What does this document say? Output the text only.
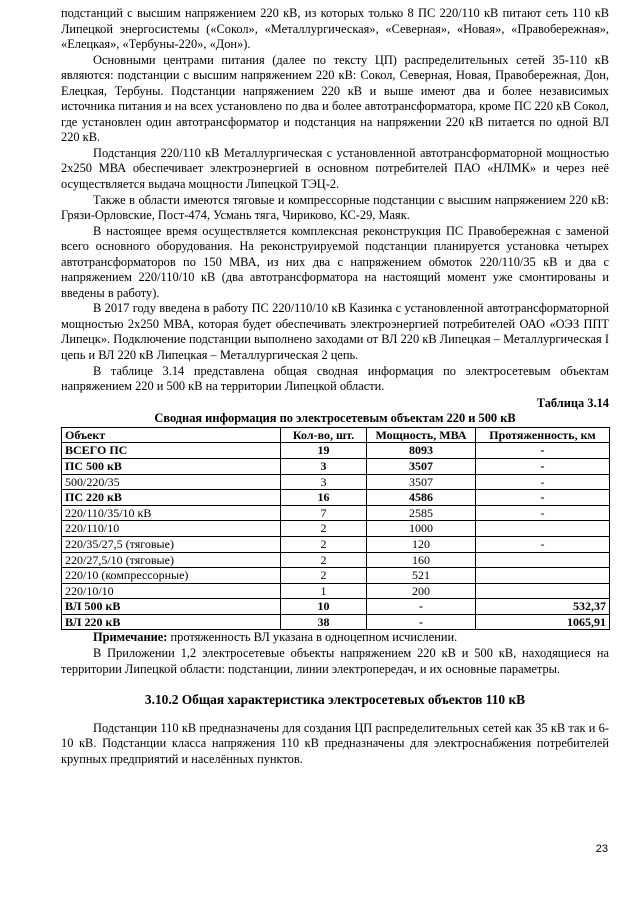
подстанций с высшим напряжением 220 кВ, из которых только 8 ПС 220/110 кВ питают сеть 110 кВ Липецкой энергосистемы («Сокол», «Металлургическая», «Северная», «Новая», «Правобережная», «Елецкая», «Тербуны-220», «Дон»).

Основными центрами питания (далее по тексту ЦП) распределительных сетей 35-110 кВ являются: подстанции с высшим напряжением 220 кВ: Сокол, Северная, Новая, Правобережная, Дон, Елецкая, Тербуны. Подстанции напряжением 220 кВ и выше имеют два и более независимых источника питания и на всех установлено по два и более автотрансформатора, кроме ПС 220 кВ Сокол, где установлен один автотрансформатор и подстанция на напряжении 220 кВ питается по одной ВЛ 220 кВ.

Подстанция 220/110 кВ Металлургическая с установленной автотрансформаторной мощностью 2х250 МВА обеспечивает электроэнергией в основном потребителей ПАО «НЛМК» и через неё осуществляется выдача мощности Липецкой ТЭЦ-2.

Также в области имеются тяговые и компрессорные подстанции с высшим напряжением 220 кВ: Грязи-Орловские, Пост-474, Усмань тяга, Чириково, КС-29, Маяк.

В настоящее время осуществляется комплексная реконструкция ПС Правобережная с заменой всего основного оборудования. На реконструируемой подстанции планируется установка четырех автотрансформаторов по 150 МВА, из них два с напряжением обмоток 220/110/35 кВ и два с напряжением 220/110/10 кВ (два автотрансформатора на настоящий момент уже смонтированы и введены в работу).

В 2017 году введена в работу ПС 220/110/10 кВ Казинка с установленной автотрансформаторной мощностью 2х250 МВА, которая будет обеспечивать электроэнергией потребителей ОАО «ОЭЗ ППТ Липецк». Подключение подстанции выполнено заходами от ВЛ 220 кВ Липецкая – Металлургическая I цепь и ВЛ 220 кВ Липецкая – Металлургическая 2 цепь.

В таблице 3.14 представлена общая сводная информация по электросетевым объектам напряжением 220 и 500 кВ на территории Липецкой области.

Таблица 3.14
Сводная информация по электросетевым объектам 220 и 500 кВ
Объект	Кол-во, шт.	Мощность, МВА	Протяженность, км
ВСЕГО ПС	19	8093	-
ПС 500 кВ	3	3507	-
500/220/35	3	3507	-
ПС 220 кВ	16	4586	-
220/110/35/10 кВ	7	2585	-
220/110/10	2	1000	
220/35/27,5 (тяговые)	2	120	-
220/27,5/10 (тяговые)	2	160	
220/10 (компрессорные)	2	521	
220/10/10	1	200	
ВЛ 500 кВ	10	-	532,37
ВЛ 220 кВ	38	-	1065,91

Примечание: протяженность ВЛ указана в одноцепном исчислении.

В Приложении 1,2 электросетевые объекты напряжением 220 кВ и 500 кВ, находящиеся на территории Липецкой области: подстанции, линии электропередач, и их основные параметры.

3.10.2 Общая характеристика электросетевых объектов 110 кВ

Подстанции 110 кВ предназначены для создания ЦП распределительных сетей как 35 кВ так и 6-10 кВ. Подстанции класса напряжения 110 кВ предназначены для электроснабжения потребителей крупных предприятий и населённых пунктов.

23
